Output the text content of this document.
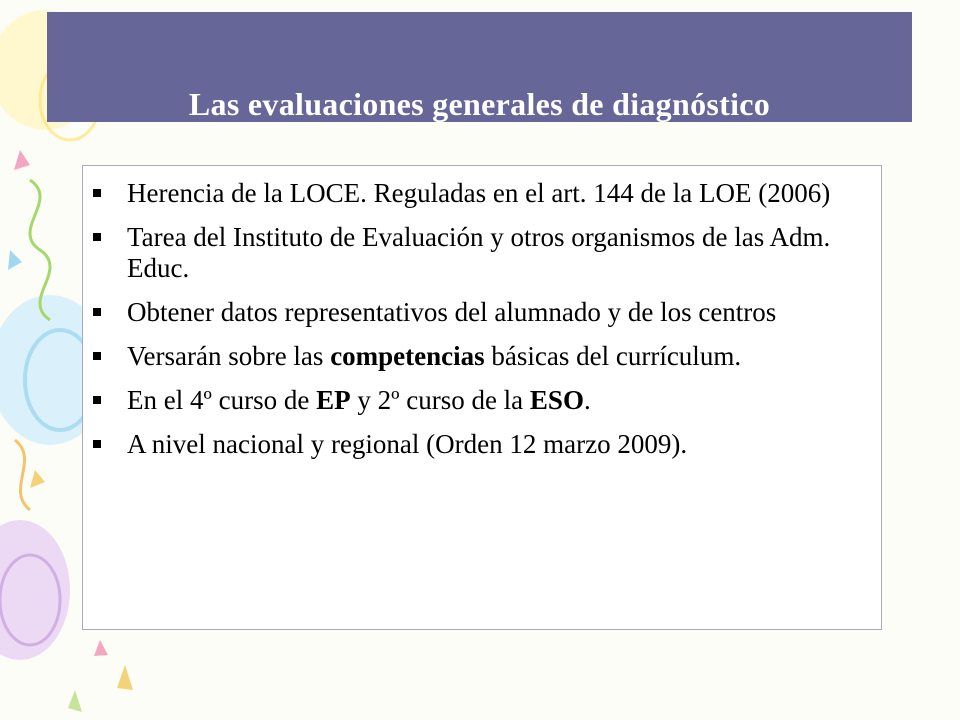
Las evaluaciones generales de diagnóstico
Herencia de la LOCE. Reguladas en el art. 144 de la LOE (2006)
Tarea del Instituto de Evaluación y otros organismos de las Adm. Educ.
Obtener datos representativos del alumnado y de los centros
Versarán sobre las competencias básicas del currículum.
En el 4º curso de EP y 2º curso de la ESO.
A nivel nacional y regional (Orden 12 marzo 2009).
